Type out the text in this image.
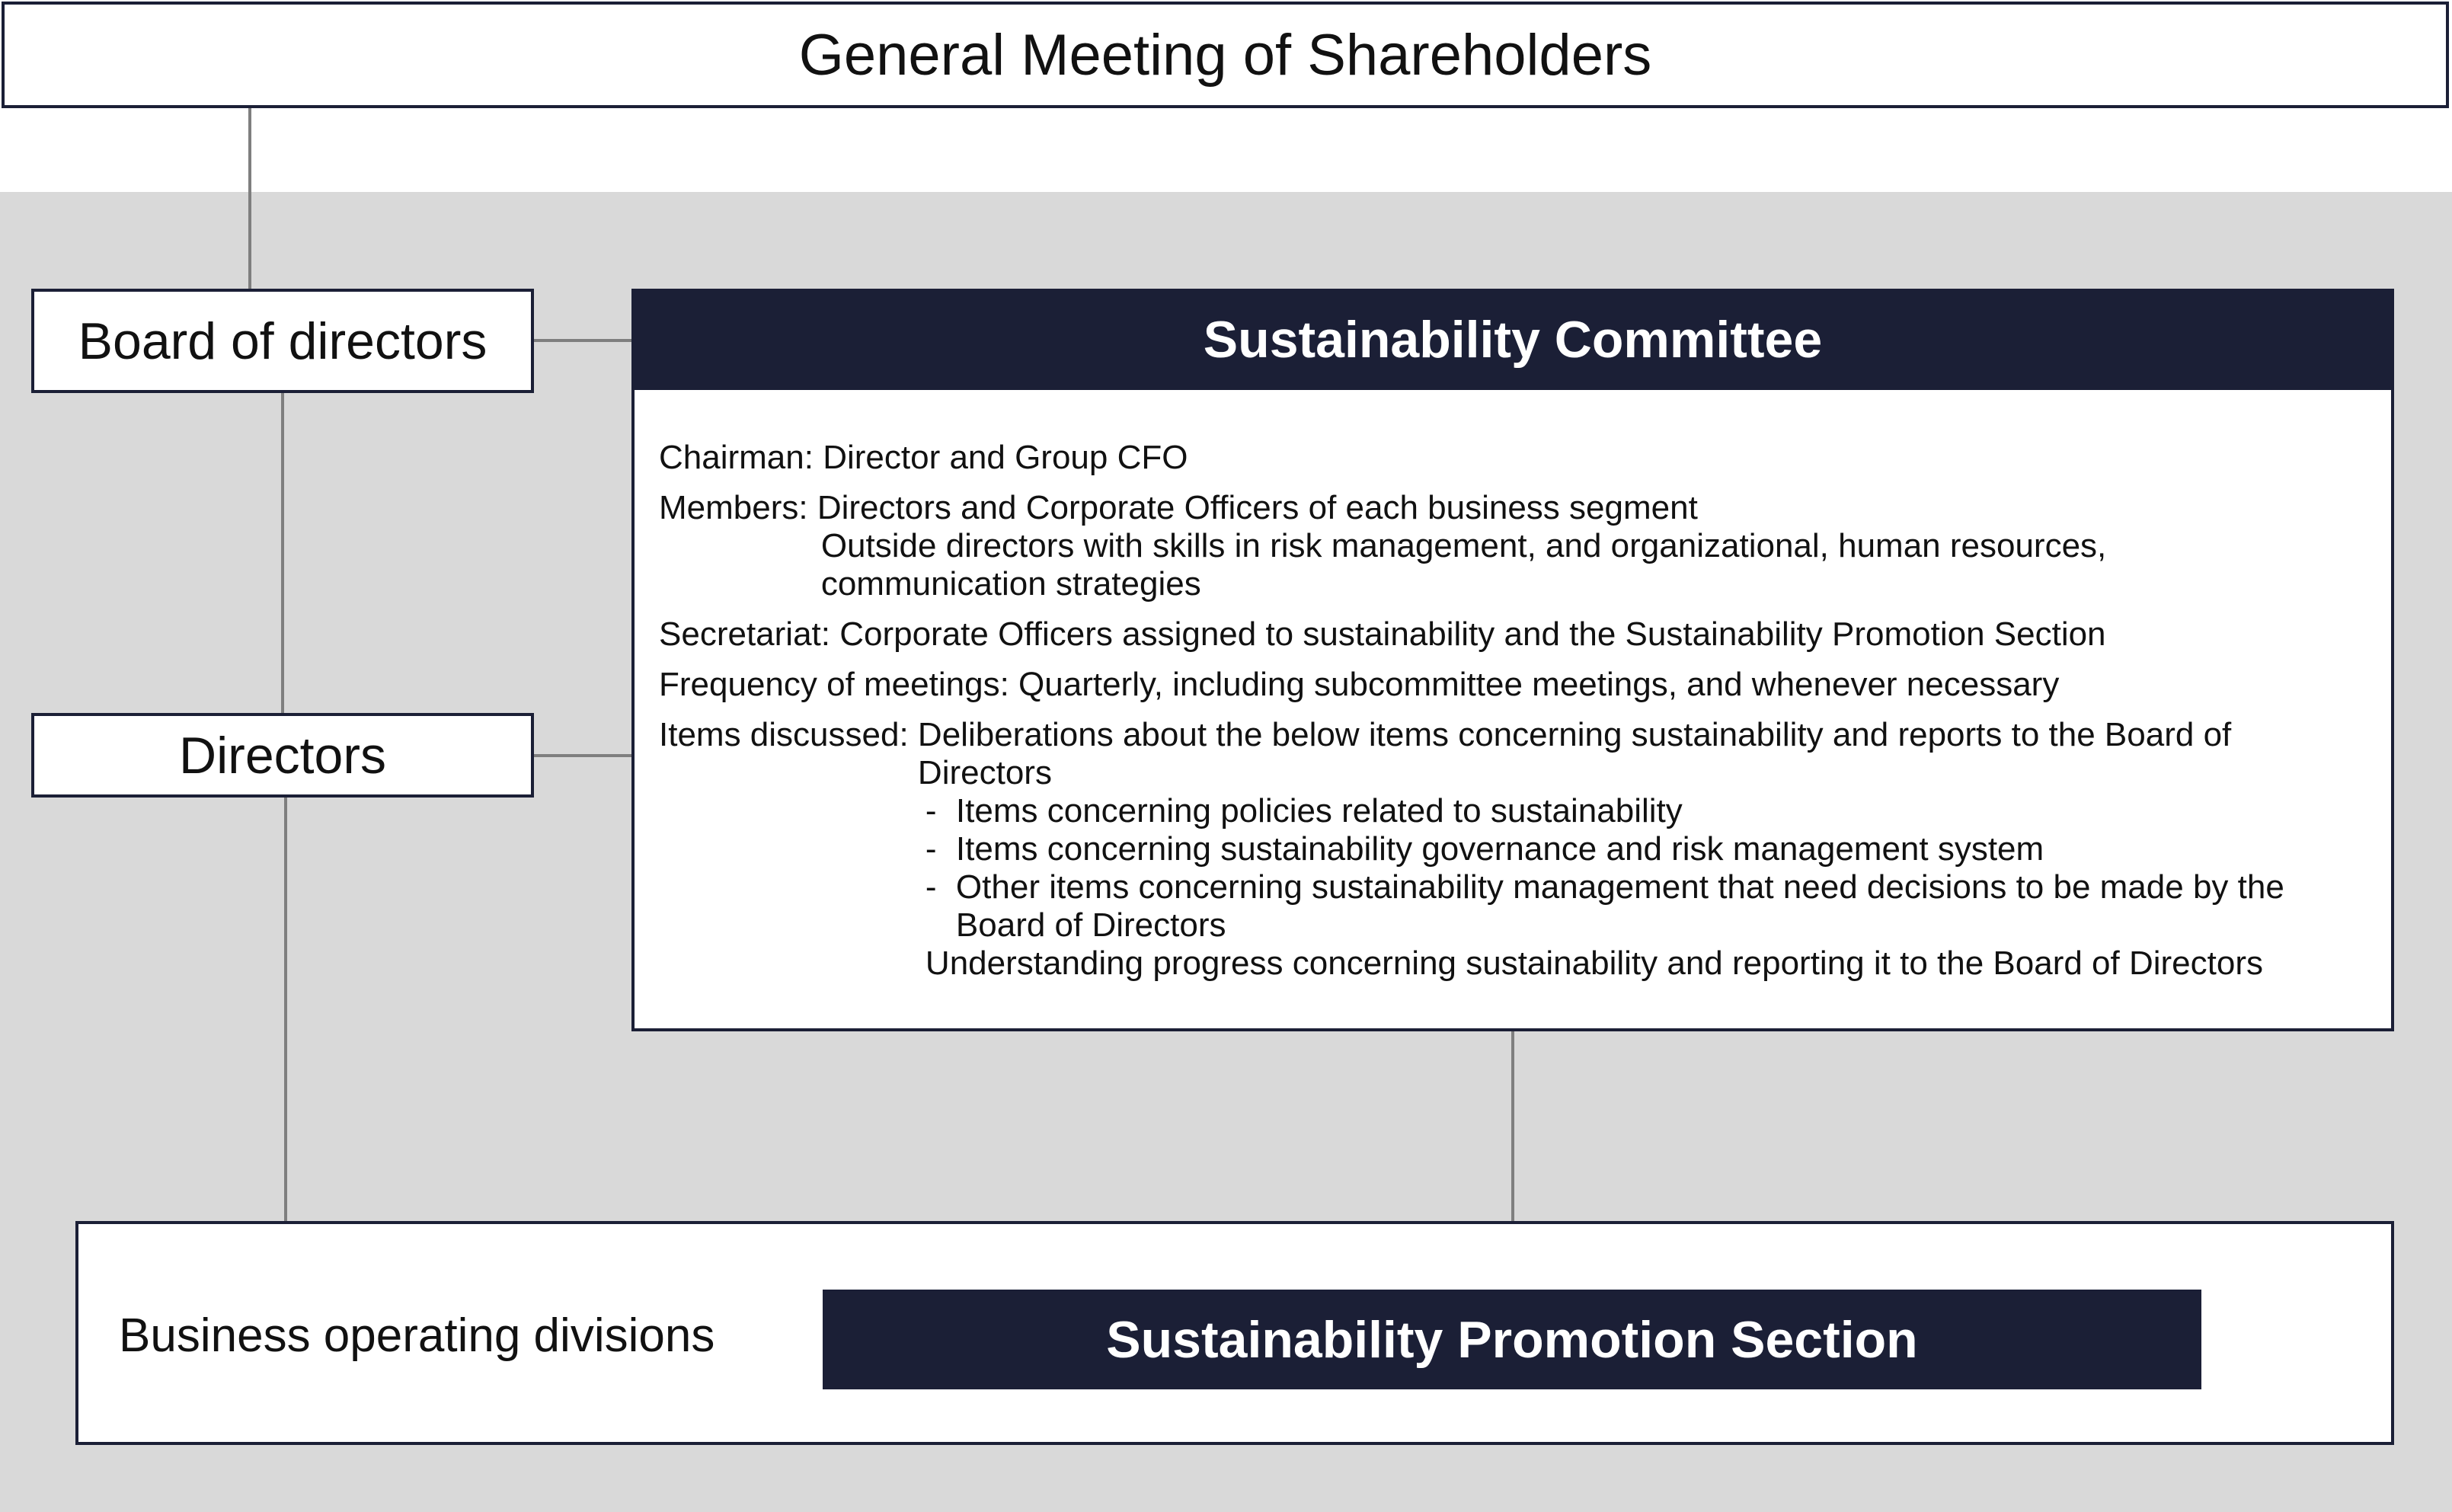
General Meeting of Shareholders
Board of directors
Directors
Sustainability Committee
Chairman: Director and Group CFO
Members:
Directors and Corporate Officers of each business segment
Outside directors with skills in risk management, and organizational, human resources,
communication strategies
Secretariat: Corporate Officers assigned to sustainability and the Sustainability Promotion Section
Frequency of meetings: Quarterly, including subcommittee meetings, and whenever necessary
Items discussed:
Deliberations about the below items concerning sustainability and reports to the Board of
Directors
- Items concerning policies related to sustainability
- Items concerning sustainability governance and risk management system
- Other items concerning sustainability management that need decisions to be made by the
Board of Directors
Understanding progress concerning sustainability and reporting it to the Board of Directors
Business operating divisions	Sustainability Promotion Section
